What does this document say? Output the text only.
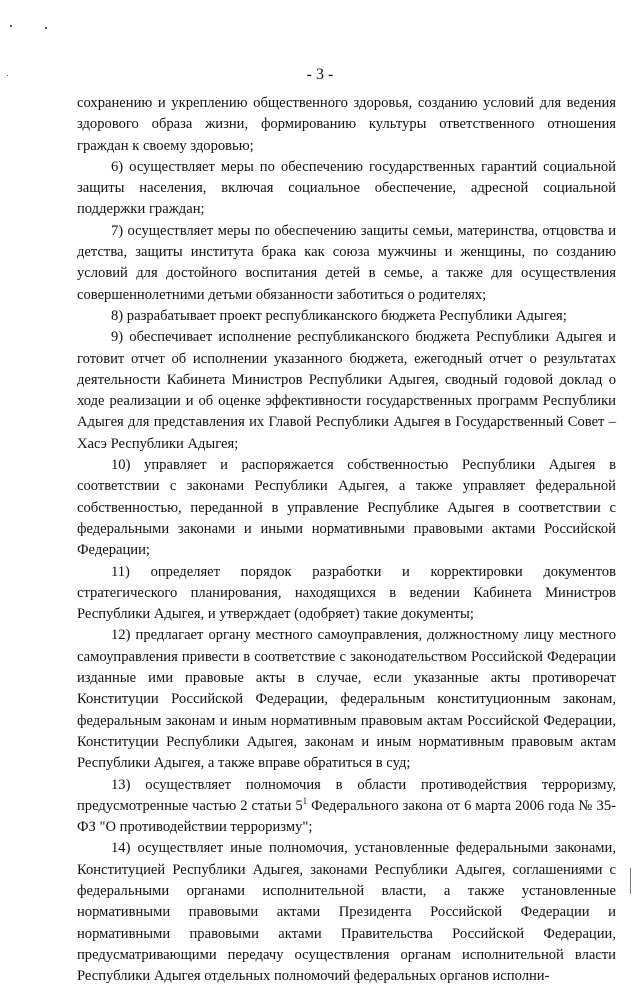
- 3 -

сохранению и укреплению общественного здоровья, созданию условий для ведения здорового образа жизни, формированию культуры ответственного отношения граждан к своему здоровью;

6) осуществляет меры по обеспечению государственных гарантий социальной защиты населения, включая социальное обеспечение, адресной социальной поддержки граждан;

7) осуществляет меры по обеспечению защиты семьи, материнства, отцовства и детства, защиты института брака как союза мужчины и женщины, по созданию условий для достойного воспитания детей в семье, а также для осуществления совершеннолетними детьми обязанности заботиться о родителях;

8) разрабатывает проект республиканского бюджета Республики Адыгея;

9) обеспечивает исполнение республиканского бюджета Республики Адыгея и готовит отчет об исполнении указанного бюджета, ежегодный отчет о результатах деятельности Кабинета Министров Республики Адыгея, сводный годовой доклад о ходе реализации и об оценке эффективности государственных программ Республики Адыгея для представления их Главой Республики Адыгея в Государственный Совет – Хасэ Республики Адыгея;

10) управляет и распоряжается собственностью Республики Адыгея в соответствии с законами Республики Адыгея, а также управляет федеральной собственностью, переданной в управление Республике Адыгея в соответствии с федеральными законами и иными нормативными правовыми актами Российской Федерации;

11) определяет порядок разработки и корректировки документов стратегического планирования, находящихся в ведении Кабинета Министров Республики Адыгея, и утверждает (одобряет) такие документы;

12) предлагает органу местного самоуправления, должностному лицу местного самоуправления привести в соответствие с законодательством Российской Федерации изданные ими правовые акты в случае, если указанные акты противоречат Конституции Российской Федерации, федеральным конституционным законам, федеральным законам и иным нормативным правовым актам Российской Федерации, Конституции Республики Адыгея, законам и иным нормативным правовым актам Республики Адыгея, а также вправе обратиться в суд;

13) осуществляет полномочия в области противодействия терроризму, предусмотренные частью 2 статьи $5^1$ Федерального закона от 6 марта 2006 года № 35-ФЗ "О противодействии терроризму";

14) осуществляет иные полномочия, установленные федеральными законами, Конституцией Республики Адыгея, законами Республики Адыгея, соглашениями с федеральными органами исполнительной власти, а также установленные нормативными правовыми актами Президента Российской Федерации и нормативными правовыми актами Правительства Российской Федерации, предусматривающими передачу осуществления органам исполнительной власти Республики Адыгея отдельных полномочий федеральных органов исполни-
